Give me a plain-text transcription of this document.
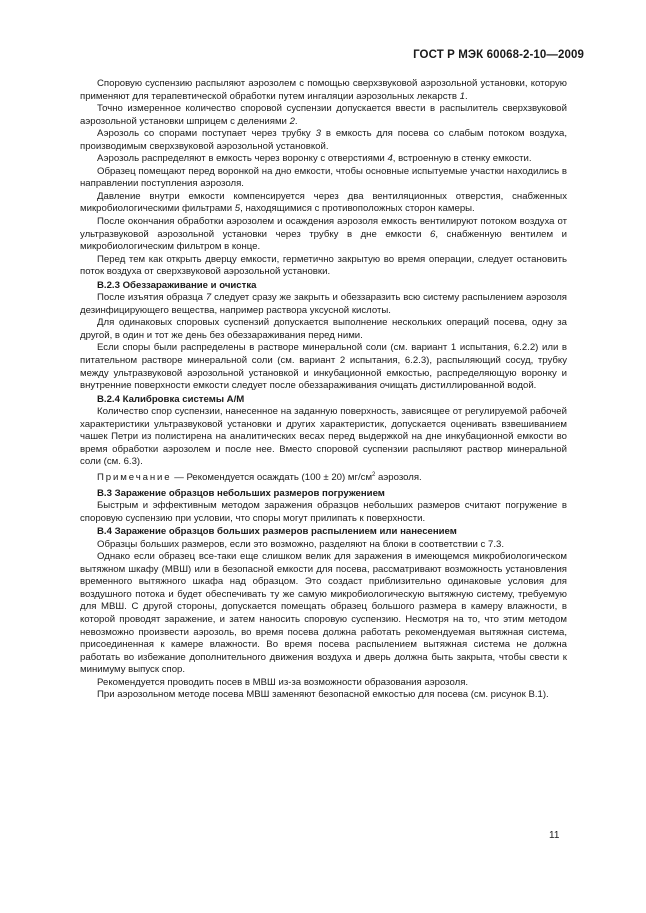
ГОСТ Р МЭК 60068-2-10—2009

Споровую суспензию распыляют аэрозолем с помощью сверхзвуковой аэрозольной установки, которую применяют для терапевтической обработки путем ингаляции аэрозольных лекарств 1.

Точно измеренное количество споровой суспензии допускается ввести в распылитель сверхзвуковой аэрозольной установки шприцем с делениями 2.

Аэрозоль со спорами поступает через трубку 3 в емкость для посева со слабым потоком воздуха, производимым сверхзвуковой аэрозольной установкой.

Аэрозоль распределяют в емкость через воронку с отверстиями 4, встроенную в стенку емкости.

Образец помещают перед воронкой на дно емкости, чтобы основные испытуемые участки находились в направлении поступления аэрозоля.

Давление внутри емкости компенсируется через два вентиляционных отверстия, снабженных микробиологическими фильтрами 5, находящимися с противоположных сторон камеры.

После окончания обработки аэрозолем и осаждения аэрозоля емкость вентилируют потоком воздуха от ультразвуковой аэрозольной установки через трубку в дне емкости 6, снабженную вентилем и микробиологическим фильтром в конце.

Перед тем как открыть дверцу емкости, герметично закрытую во время операции, следует остановить поток воздуха от сверхзвуковой аэрозольной установки.

В.2.3 Обеззараживание и очистка

После изъятия образца 7 следует сразу же закрыть и обеззаразить всю систему распылением аэрозоля дезинфицирующего вещества, например раствора уксусной кислоты.

Для одинаковых споровых суспензий допускается выполнение нескольких операций посева, одну за другой, в один и тот же день без обеззараживания перед ними.

Если споры были распределены в растворе минеральной соли (см. вариант 1 испытания, 6.2.2) или в питательном растворе минеральной соли (см. вариант 2 испытания, 6.2.3), распыляющий сосуд, трубку между ультразвуковой аэрозольной установкой и инкубационной емкостью, распределяющую воронку и внутренние поверхности емкости следует после обеззараживания очищать дистиллированной водой.

В.2.4 Калибровка системы А/М

Количество спор суспензии, нанесенное на заданную поверхность, зависящее от регулируемой рабочей характеристики ультразвуковой установки и других характеристик, допускается оценивать взвешиванием чашек Петри из полистирена на аналитических весах перед выдержкой на дне инкубационной емкости во время обработки аэрозолем и после нее. Вместо споровой суспензии распыляют раствор минеральной соли (см. 6.3).

Примечание — Рекомендуется осаждать (100 ± 20) $мг/см^2$ аэрозоля.

В.3 Заражение образцов небольших размеров погружением

Быстрым и эффективным методом заражения образцов небольших размеров считают погружение в споровую суспензию при условии, что споры могут прилипать к поверхности.

В.4 Заражение образцов больших размеров распылением или нанесением

Образцы больших размеров, если это возможно, разделяют на блоки в соответствии с 7.3.

Однако если образец все-таки еще слишком велик для заражения в имеющемся микробиологическом вытяжном шкафу (МВШ) или в безопасной емкости для посева, рассматривают возможность установления временного вытяжного шкафа над образцом. Это создаст приблизительно одинаковые условия для воздушного потока и будет обеспечивать ту же самую микробиологическую вытяжную систему, требуемую для МВШ. С другой стороны, допускается помещать образец большого размера в камеру влажности, в которой проводят заражение, и затем наносить споровую суспензию. Несмотря на то, что этим методом невозможно произвести аэрозоль, во время посева должна работать рекомендуемая вытяжная система, присоединенная к камере влажности. Во время посева распылением вытяжная система не должна работать во избежание дополнительного движения воздуха и дверь должна быть закрыта, чтобы свести к минимуму выпуск спор.

Рекомендуется проводить посев в МВШ из-за возможности образования аэрозоля.

При аэрозольном методе посева МВШ заменяют безопасной емкостью для посева (см. рисунок В.1).

11
